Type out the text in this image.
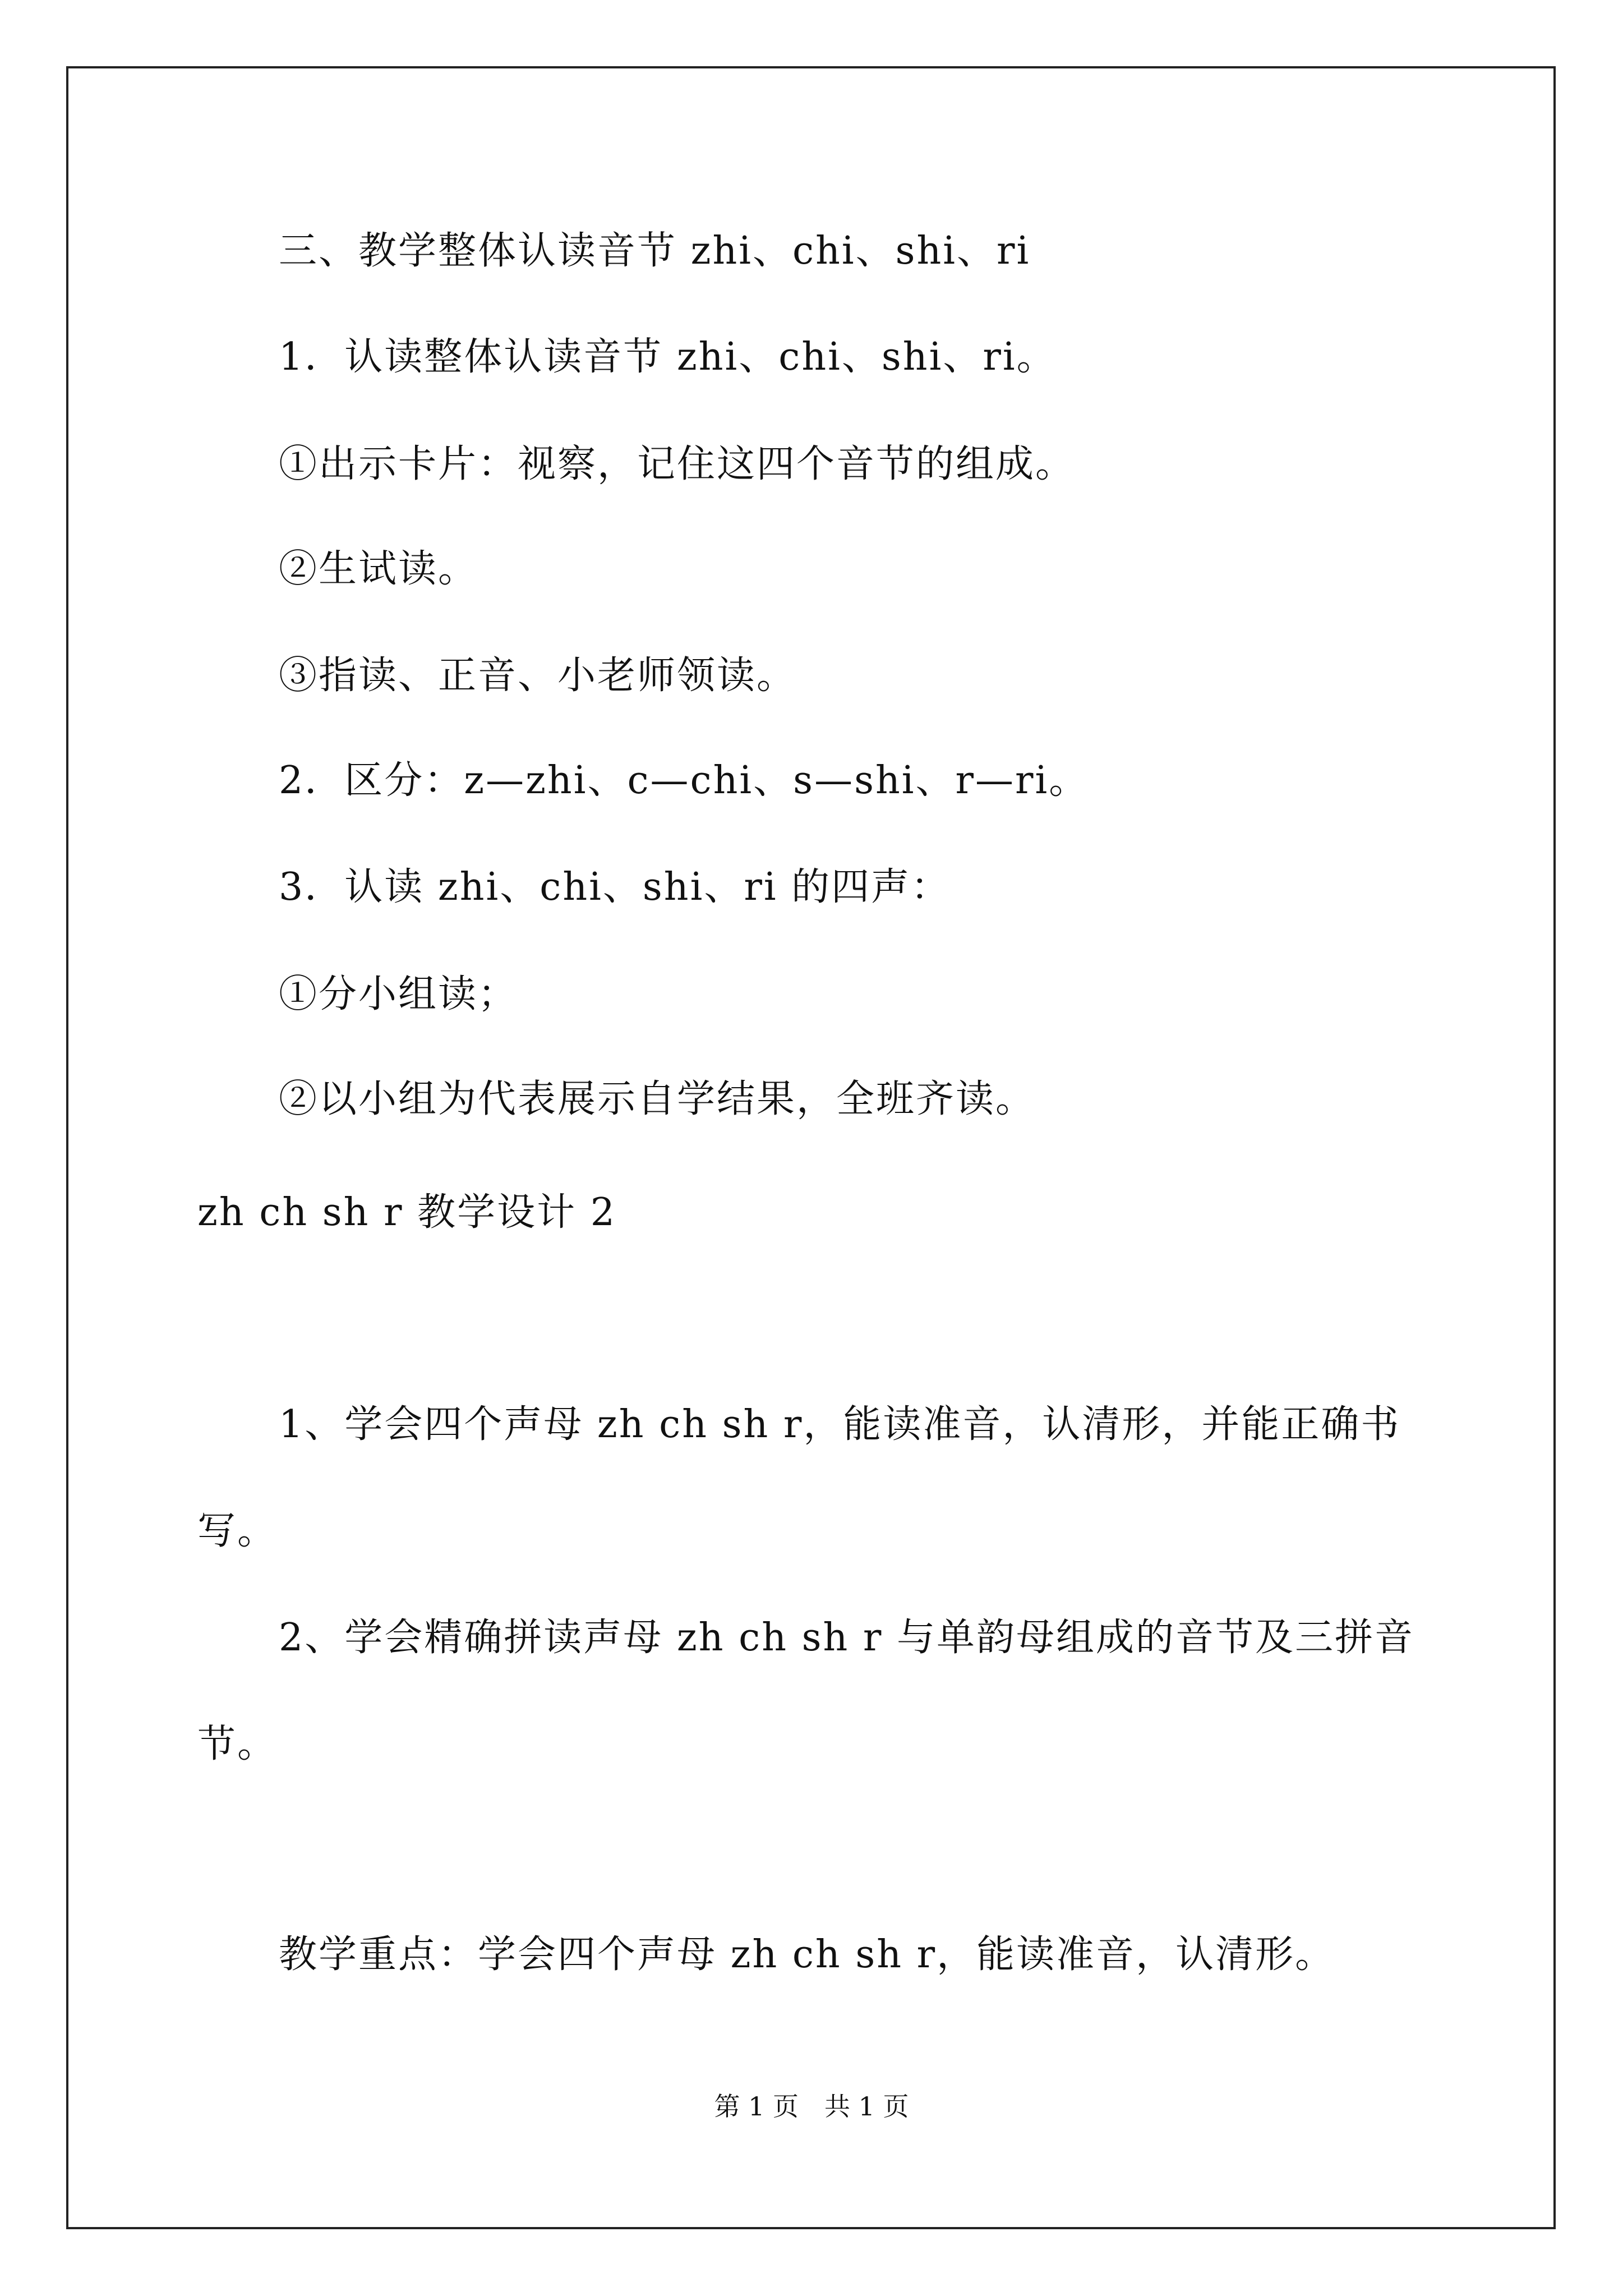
三、教学整体认读音节 zhi、chi、shi、ri
1．认读整体认读音节 zhi、chi、shi、ri。
①出示卡片：视察，记住这四个音节的组成。
②生试读。
③指读、正音、小老师领读。
2．区分：z—zhi、c—chi、s—shi、r—ri。
3．认读 zhi、chi、shi、ri 的四声：
①分小组读；
②以小组为代表展示自学结果，全班齐读。
zh ch sh r 教学设计 2
1、学会四个声母 zh ch sh r，能读准音，认清形，并能正确书
写。
2、学会精确拼读声母 zh ch sh r 与单韵母组成的音节及三拼音
节。
教学重点：学会四个声母 zh ch sh r，能读准音，认清形。
第 1 页　共 1 页
